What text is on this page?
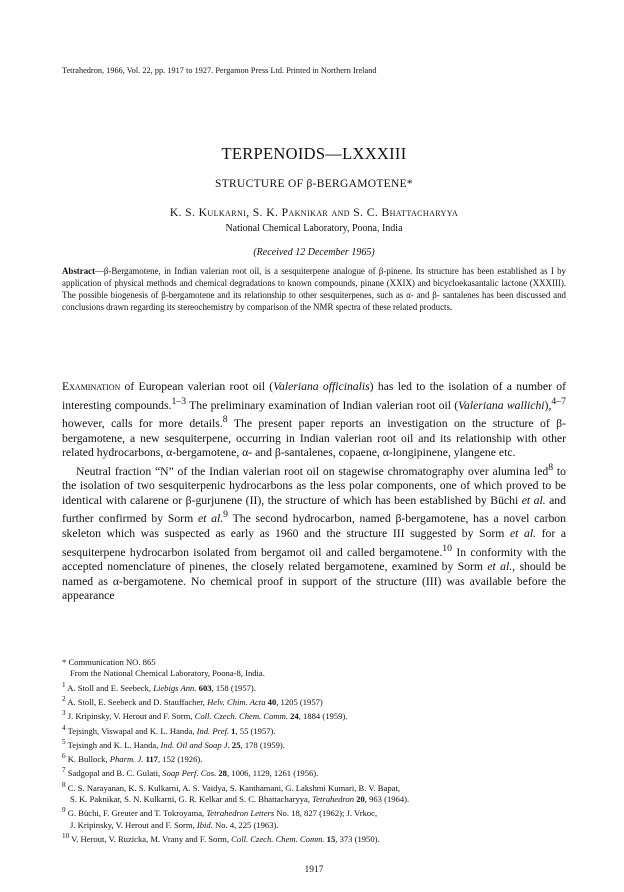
Tetrahedron, 1966, Vol. 22, pp. 1917 to 1927. Pergamon Press Ltd. Printed in Northern Ireland
TERPENOIDS—LXXXIII
STRUCTURE OF β-BERGAMOTENE*
K. S. Kulkarni, S. K. Paknikar and S. C. Bhattacharyya
National Chemical Laboratory, Poona, India
(Received 12 December 1965)
Abstract—β-Bergamotene, in Indian valerian root oil, is a sesquiterpene analogue of β-pinene. Its structure has been established as I by application of physical methods and chemical degradations to known compounds, pinane (XXIX) and bicycloekasantalic lactone (XXXIII). The possible biogenesis of β-bergamotene and its relationship to other sesquiterpenes, such as α- and β- santalenes has been discussed and conclusions drawn regarding its stereochemistry by comparison of the NMR spectra of these related products.

Examination of European valerian root oil (Valeriana officinalis) has led to the isolation of a number of interesting compounds.$^{1-3}$ The preliminary examination of Indian valerian root oil (Valeriana wallichi),$^{4-7}$ however, calls for more details.$^8$ The present paper reports an investigation on the structure of β-bergamotene, a new sesquiterpene, occurring in Indian valerian root oil and its relationship with other related hydrocarbons, α-bergamotene, α- and β-santalenes, copaene, α-longipinene, ylangene etc.

Neutral fraction “N” of the Indian valerian root oil on stagewise chromatography over alumina led$^8$ to the isolation of two sesquiterpenic hydrocarbons as the less polar components, one of which proved to be identical with calarene or β-gurjunene (II), the structure of which has been established by Büchi et al. and further confirmed by Sorm et al.$^9$ The second hydrocarbon, named β-bergamotene, has a novel carbon skeleton which was suspected as early as 1960 and the structure III suggested by Sorm et al. for a sesquiterpene hydrocarbon isolated from bergamot oil and called bergamotene.$^{10}$ In conformity with the accepted nomenclature of pinenes, the closely related bergamotene, examined by Sorm et al., should be named as α-bergamotene. No chemical proof in support of the structure (III) was available before the appearance

* Communication NO. 865
From the National Chemical Laboratory, Poona-8, India.
$^1$ A. Stoll and E. Seebeck, Liebigs Ann. 603, 158 (1957).
$^2$ A. Stoll, E. Seebeck and D. Stauffacher, Helv. Chim. Acta 40, 1205 (1957)
$^3$ J. Kripinsky, V. Herout and F. Sorm, Coll. Czech. Chem. Comm. 24, 1884 (1959).
$^4$ Tejsingh, Viswapal and K. L. Handa, Ind. Pref. 1, 55 (1957).
$^5$ Tejsingh and K. L. Handa, Ind. Oil and Soap J. 25, 178 (1959).
$^6$ K. Bullock, Pharm. J. 117, 152 (1926).
$^7$ Sadgopal and B. C. Gulati, Soap Perf. Cos. 28, 1006, 1129, 1261 (1956).
$^8$ C. S. Narayanan, K. S. Kulkarni, A. S. Vaidya, S. Kanthamani, G. Lakshmi Kumari, B. V. Bapat,
S. K. Paknikar, S. N. Kulkarni, G. R. Kelkar and S. C. Bhattacharyya, Tetrahedron 20, 963 (1964).
$^9$ G. Büchi, F. Greuter and T. Tokroyama, Tetrahedron Letters No. 18, 827 (1962); J. Vrkoc,
J. Kripinsky, V. Herout and F. Sorm, Ibid. No. 4, 225 (1963).
$^{10}$ V. Herout, V. Ruzicka, M. Vrany and F. Sorm, Coll. Czech. Chem. Comm. 15, 373 (1950).
1917
